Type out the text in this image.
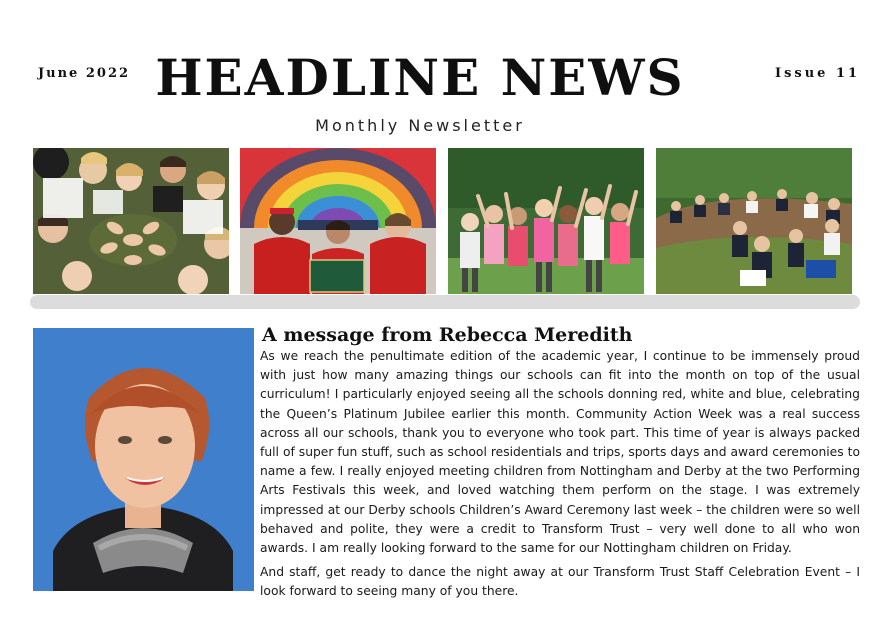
June 2022 HEADLINE NEWS	Issue 11
Monthly Newsletter
A message from Rebecca Meredith

As we reach the penultimate edition of the academic year, I continue to be immensely proud with just how many amazing things our schools can fit into the month on top of the usual curriculum! I particularly enjoyed seeing all the schools donning red, white and blue, celebrating the Queen’s Platinum Jubilee earlier this month. Community Action Week was a real success across all our schools, thank you to everyone who took part. This time of year is always packed full of super fun stuff, such as school residentials and trips, sports days and award ceremonies to name a few. I really enjoyed meeting children from Nottingham and Derby at the two Performing Arts Festivals this week, and loved watching them perform on the stage. I was extremely impressed at our Derby schools Children’s Award Ceremony last week – the children were so well behaved and polite, they were a credit to Transform Trust – very well done to all who won awards. I am really looking forward to the same for our Nottingham children on Friday.

And staff, get ready to dance the night away at our Transform Trust Staff Celebration Event – I look forward to seeing many of you there.
